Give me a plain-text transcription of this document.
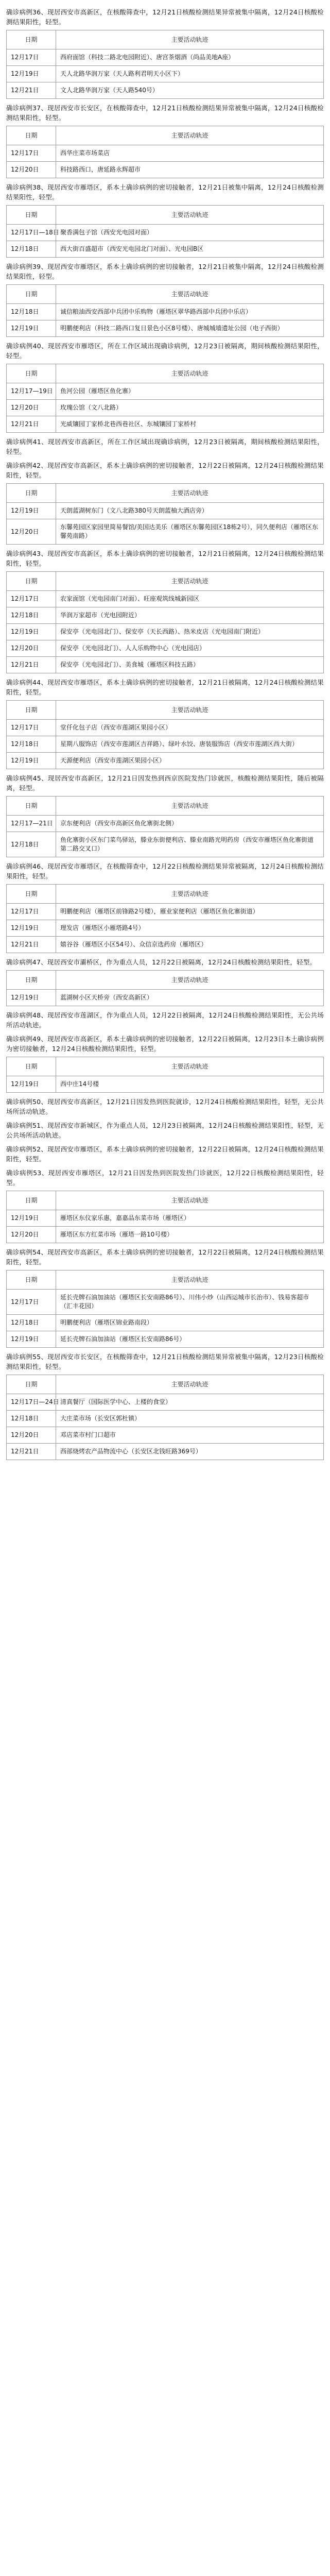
确诊病例36、现居西安市高新区，在核酸筛查中，12月21日核酸检测结果异常被集中隔离，12月24日核酸检测结果阳性，轻型。
日期	主要活动轨迹
12月17日	西府面馆（科技二路北电园附近）、唐宫茶烟酒（尚品美地A座）
12月19日	天人北路华润万家（天人路利君明天小区下）
12月21日	文人北路华润万家（天人路540号）
确诊病例37、现居西安市长安区，在核酸筛查中，12月21日核酸检测结果异常被集中隔离，12月24日核酸检测结果阳性，轻型。
日期	主要活动轨迹
12月17日	西华庄菜市场菜店
12月20日	科技路西口，唐延路永辉超市
确诊病例38、现居西安市雁塔区，系本土确诊病例的密切接触者，12月21日被集中隔离，12月24日核酸检测结果阳性，轻型。
日期	主要活动轨迹
12月17日—18日	聚香满包子馆（西安光电园对面）
12月18日	西大街百盛超市（西安光电园北门对面）、光电园B区
确诊病例39、现居西安市雁塔区，系本土确诊病例的密切接触者，12月21日被集中隔离，12月24日核酸检测结果阳性，轻型。
日期	主要活动轨迹
12月18日	诚信粮油西安西部中兵团中乐购物（雁塔区翠华路西部中兵团中乐店）
12月19日	明鹏便利店（科技二路西口复日景色小区8号楼）、唐城城墙遗址公园（电子西街）
确诊病例40、现居西安市雁塔区，所在工作区域出现确诊病例，12月23日被隔离，期间核酸检测结果阳性，轻型。
日期	主要活动轨迹
12月17—19日	鱼河公园（雁塔区鱼化寨）
12月20日	玫瑰公馆（文八北路）
12月21日	光威镶园丁家桥北巷西巷社区、东城镶园丁家桥村
确诊病例41、现居西安市高新区，所在工作区域出现确诊病例，12月23日被隔离，期间核酸检测结果阳性，轻型。
确诊病例42、现居西安市高新区，系本土确诊病例的密切接触者，12月22日被隔离，12月24日核酸检测结果阳性，轻型。
日期	主要活动轨迹
12月19日	天朗蓝湖树东门（文八北路380号天朗蓝柚大酒店旁）
12月20日	东馨苑园区家园里简易餐馆/美国达美乐（雁塔区东馨苑园区18栋2号），同久便利店（雁塔区东馨苑南路）
确诊病例43、现居西安市高新区，系本土确诊病例的密切接触者，12月21日被隔离，12月24日核酸检测结果阳性，轻型。
日期	主要活动轨迹
12月17日	农家面馆（光电园南门对面）、旺座观筑线城新园区
12月18日	华润万家超市（光电园附近）
12月19日	保安亭（光电园北门）、保安亭（天长西路）、热米皮店（光电园南门附近）
12月20日	保安亭（光电园北门）、人人乐购物中心（光电园店）
12月21日	保安亭（光电园北门）、美食城（雁塔区科技五路）
确诊病例44、现居西安市雁塔区，系本土确诊病例的密切接触者，12月21日被隔离，12月24日核酸检测结果阳性，轻型。
日期	主要活动轨迹
12月17日	堂仟化包子店（西安市莲湖区果园小区）
12月18日	星期八服饰店（西安市莲湖区吉祥路）、绿叶水饺、唐装服饰店（西安市莲湖区西大街）
12月19日	天源便利店（西安市莲湖区果园小区）
确诊病例45、现居西安市高新区，12月21日因发热到西京医院发热门诊就医，核酸检测结果阳性，随后被隔离，轻型。
日期	主要活动轨迹
12月17—21日	京东便利店（西安市高新区鱼化寨街北侧）
12月18日	鱼化寨街小区东门菜鸟驿站，滕业东街便利店、滕业南路光明药房（西安市雁塔区鱼化寨街道第二路交叉口）
确诊病例46、现居西安市雁塔区，在核酸筛查中，12月22日核酸检测结果异常被隔离，12月24日核酸检测结果阳性，轻型。
日期	主要活动轨迹
12月17日	明鹏便利店（雁塔区前锋路2号楼），雁业家便利店（雁塔区鱼化寨街道）
12月19日	理发店（雁塔区小雁塔路4号）
12月21日	嬉谷谷（雁塔区小区54号）、众信京选药房（雁塔区）
确诊病例47、现居西安市灞桥区，作为重点人员，12月22日被隔离，12月24日核酸检测结果阳性，轻型。
日期	主要活动轨迹
12月19日	蓝湖树小区天桥旁（西安高新区）
确诊病例48、现居西安市莲湖区，作为重点人员，12月22日被隔离，12月24日核酸检测结果阳性，无公共场所活动轨迹。
确诊病例49、现居西安市高新区，系本土确诊病例的密切接触者，12月22日被隔离，12月23日本土确诊病例为密切接触者，12月24日核酸检测结果阳性，轻型。
日期	主要活动轨迹
12月19日	西中庄14号楼
确诊病例50、现居西安市高新区，12月21日因发热到医院就诊，12月24日核酸检测结果阳性，轻型，无公共场所活动轨迹。
确诊病例51、现居西安市新城区，作为重点人员，12月23日被隔离，12月24日核酸检测结果阳性，轻型，无公共场所活动轨迹。
确诊病例52、现居西安市雁塔区，系本土确诊病例的密切接触者，12月22日被隔离，12月24日核酸检测结果阳性，轻型。
确诊病例53、现居西安市雁塔区，12月21日因发热到医院发热门诊就医，12月22日核酸检测结果阳性，轻型。
日期	主要活动轨迹
12月19日	雁塔区东仪家乐惠，嘉嘉品东菜市场（雁塔区）
12月20日	雁塔区东方红菜市场（雁塔一路10号楼）
确诊病例54、现居西安市高新区，系本土确诊病例的密切接触者，12月22日被隔离，12月24日核酸检测结果阳性，轻型。
日期	主要活动轨迹
12月17日	延长壳牌石油加油站（雁塔区长安南路86号）、川伟小炒（山西运城市长治市）、钱易客超市（汇丰花园）
12月18日	明鹏便利店（雁塔区锦业路南段）
12月19日	延长壳牌石油加油站（雁塔区长安南路86号）
确诊病例55、现居西安市长安区，在核酸筛查中，12月21日核酸检测结果异常被集中隔离，12月23日核酸检测结果阳性，轻型。
日期	主要活动轨迹
12月17日—24日	清真餐厅（国际医学中心、上楼的食堂）
12月18日	大庄菜市场（长安区郭杜镇）
12月20日	邓店菜市村门口超市
12月21日	西部烧烤农产品物流中心（长安区北钱旺路369号）
